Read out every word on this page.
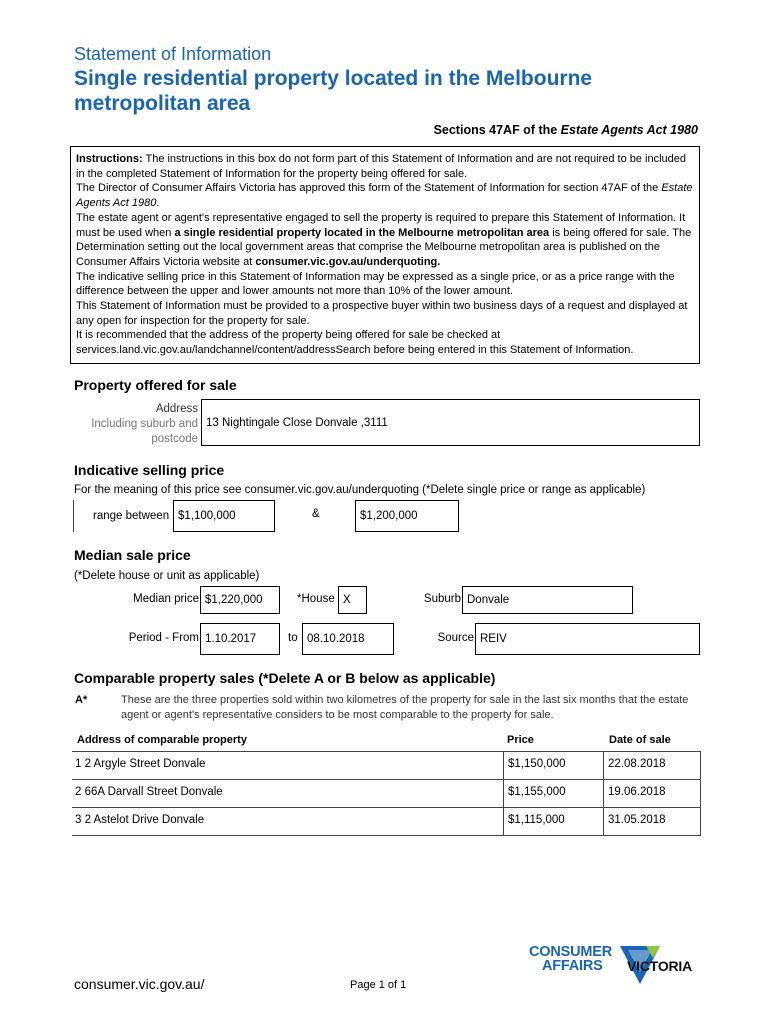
Statement of Information
Single residential property located in the Melbourne
metropolitan area
Sections 47AF of the Estate Agents Act 1980
Instructions: The instructions in this box do not form part of this Statement of Information and are not required to be included in the completed Statement of Information for the property being offered for sale.
The Director of Consumer Affairs Victoria has approved this form of the Statement of Information for section 47AF of the Estate Agents Act 1980.
The estate agent or agent's representative engaged to sell the property is required to prepare this Statement of Information. It must be used when a single residential property located in the Melbourne metropolitan area is being offered for sale. The Determination setting out the local government areas that comprise the Melbourne metropolitan area is published on the Consumer Affairs Victoria website at consumer.vic.gov.au/underquoting.
The indicative selling price in this Statement of Information may be expressed as a single price, or as a price range with the difference between the upper and lower amounts not more than 10% of the lower amount.
This Statement of Information must be provided to a prospective buyer within two business days of a request and displayed at any open for inspection for the property for sale.
It is recommended that the address of the property being offered for sale be checked at services.land.vic.gov.au/landchannel/content/addressSearch before being entered in this Statement of Information.
Property offered for sale
Address
Including suburb and
postcode
13 Nightingale Close Donvale ,3111
Indicative selling price
For the meaning of this price see consumer.vic.gov.au/underquoting (*Delete single price or range as applicable)
range between $1,100,000	&	$1,200,000
Median sale price
(*Delete house or unit as applicable)
Median price $1,220,000	*House X	Suburb Donvale
Period - From 1.10.2017	to 08.10.2018	Source REIV
Comparable property sales (*Delete A or B below as applicable)
A*	These are the three properties sold within two kilometres of the property for sale in the last six months that the estate agent or agent's representative considers to be most comparable to the property for sale.
Address of comparable property	Price	Date of sale
1 2 Argyle Street Donvale	$1,150,000	22.08.2018
2 66A Darvall Street Donvale	$1,155,000	19.06.2018
3 2 Astelot Drive Donvale	$1,115,000	31.05.2018
consumer.vic.gov.au/	Page 1 of 1
CONSUMER
AFFAIRS VICTORIA
